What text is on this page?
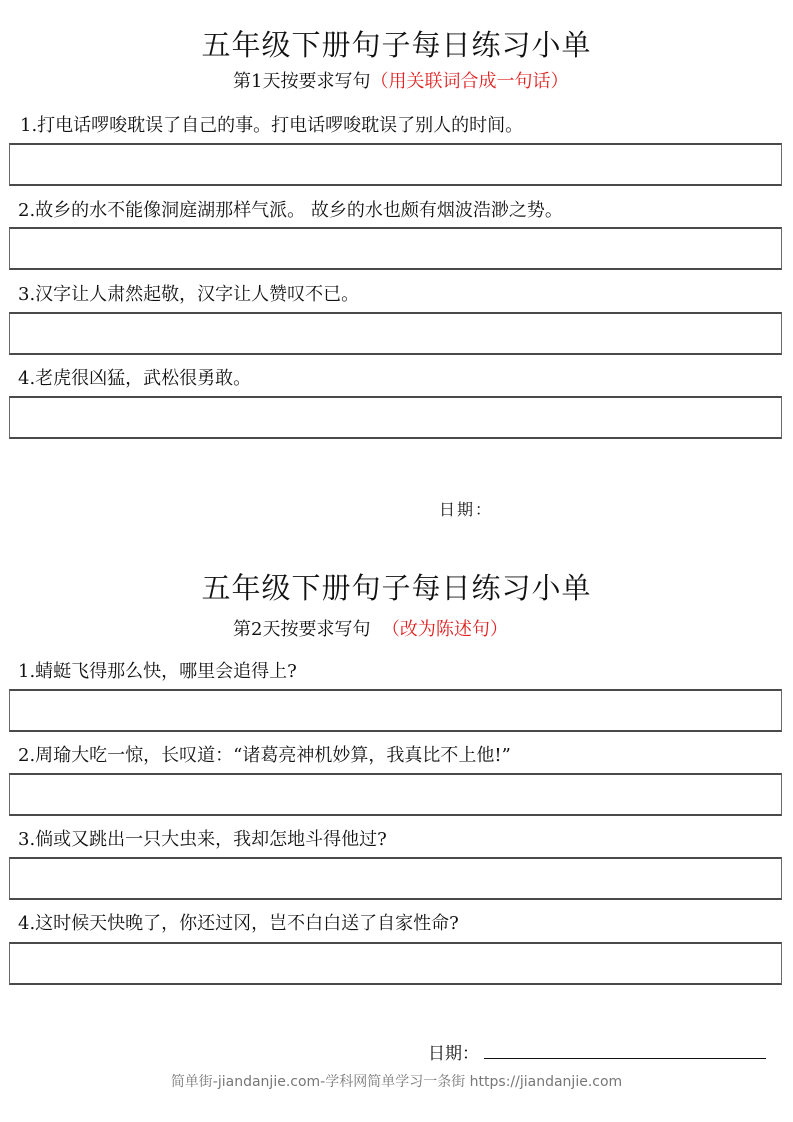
五年级下册句子每日练习小单
第1天按要求写句（用关联词合成一句话）
1.打电话啰唆耽误了自己的事。打电话啰唆耽误了别人的时间。
2.故乡的水不能像洞庭湖那样气派。 故乡的水也颇有烟波浩渺之势。
3.汉字让人肃然起敬，汉字让人赞叹不已。
4.老虎很凶猛，武松很勇敢。
日期：
五年级下册句子每日练习小单
第2天按要求写句 （改为陈述句）
1.蜻蜓飞得那么快，哪里会追得上?
2.周瑜大吃一惊，长叹道：“诸葛亮神机妙算，我真比不上他!”
3.倘或又跳出一只大虫来，我却怎地斗得他过?
4.这时候天快晚了，你还过冈，岂不白白送了自家性命?
日期：
简单街-jiandanjie.com-学科网简单学习一条街 https://jiandanjie.com
